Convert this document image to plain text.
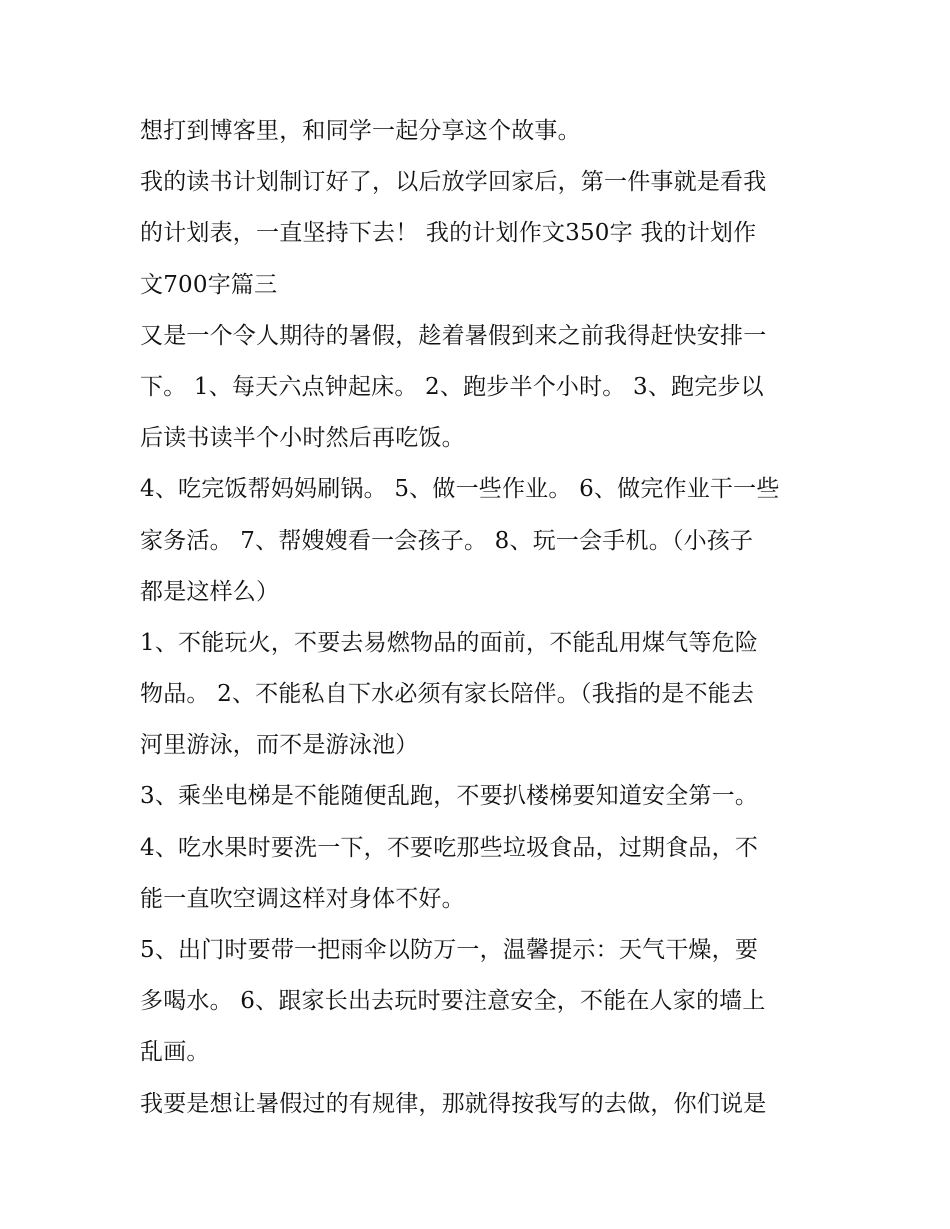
想打到博客里，和同学一起分享这个故事。
我的读书计划制订好了，以后放学回家后，第一件事就是看我
的计划表，一直坚持下去！ 我的计划作文350字 我的计划作
文700字篇三
又是一个令人期待的暑假，趁着暑假到来之前我得赶快安排一
下。 1、每天六点钟起床。 2、跑步半个小时。 3、跑完步以
后读书读半个小时然后再吃饭。
4、吃完饭帮妈妈刷锅。 5、做一些作业。 6、做完作业干一些
家务活。 7、帮嫂嫂看一会孩子。 8、玩一会手机。（小孩子
都是这样么）
1、不能玩火，不要去易燃物品的面前，不能乱用煤气等危险
物品。 2、不能私自下水必须有家长陪伴。（我指的是不能去
河里游泳，而不是游泳池）
3、乘坐电梯是不能随便乱跑，不要扒楼梯要知道安全第一。
4、吃水果时要洗一下，不要吃那些垃圾食品，过期食品，不
能一直吹空调这样对身体不好。
5、出门时要带一把雨伞以防万一，温馨提示：天气干燥，要
多喝水。 6、跟家长出去玩时要注意安全，不能在人家的墙上
乱画。
我要是想让暑假过的有规律，那就得按我写的去做，你们说是
